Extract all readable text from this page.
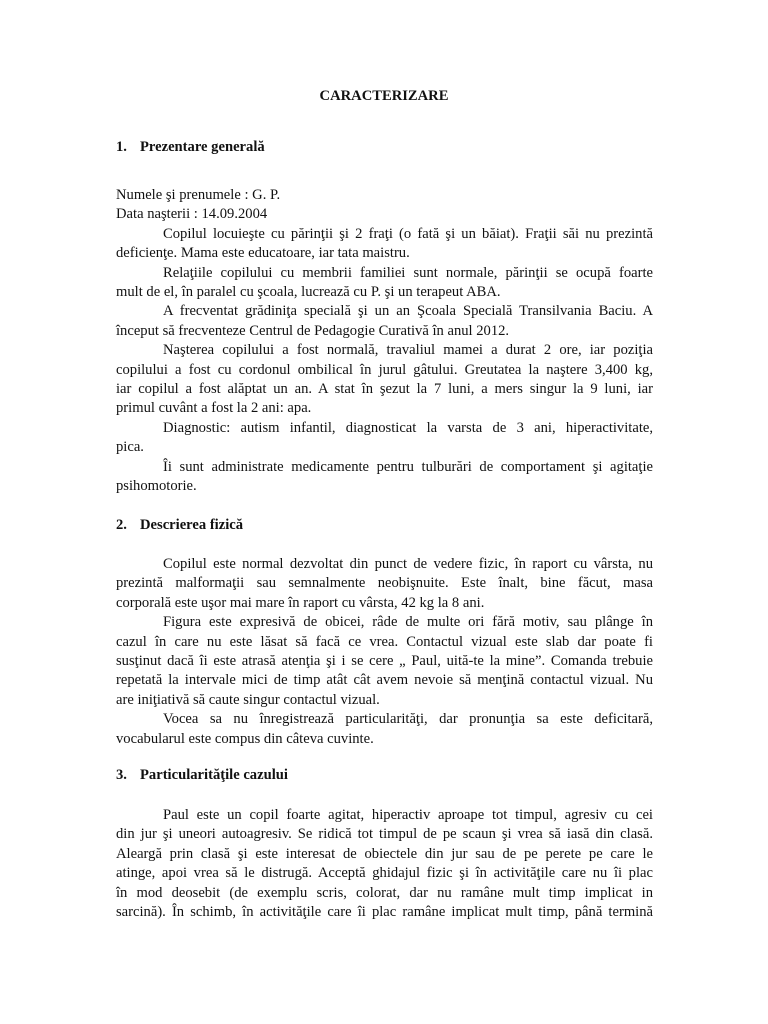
CARACTERIZARE
1. Prezentare generală
Numele şi prenumele : G. P.
Data naşterii : 14.09.2004
Copilul locuieşte cu părinţii şi 2 fraţi (o fată şi un băiat). Fraţii săi nu prezintă
deficienţe. Mama este educatoare, iar tata maistru.
Relaţiile copilului cu membrii familiei sunt normale, părinţii se ocupă foarte
mult de el, în paralel cu şcoala, lucrează cu P. şi un terapeut ABA.
A frecventat grădiniţa specială şi un an Şcoala Specială Transilvania Baciu. A
început să frecventeze Centrul de Pedagogie Curativă în anul 2012.
Naşterea copilului a fost normală, travaliul mamei a durat 2 ore, iar poziţia
copilului a fost cu cordonul ombilical în jurul gâtului. Greutatea la naştere 3,400 kg,
iar copilul a fost alăptat un an. A stat în şezut la 7 luni, a mers singur la 9 luni, iar
primul cuvânt a fost la 2 ani: apa.
Diagnostic: autism infantil, diagnosticat la varsta de 3 ani, hiperactivitate,
pica.
Îi sunt administrate medicamente pentru tulburări de comportament şi agitaţie
psihomotorie.
2. Descrierea fizică
Copilul este normal dezvoltat din punct de vedere fizic, în raport cu vârsta, nu
prezintă malformaţii sau semnalmente neobişnuite. Este înalt, bine făcut, masa
corporală este uşor mai mare în raport cu vârsta, 42 kg la 8 ani.
Figura este expresivă de obicei, râde de multe ori fără motiv, sau plânge în
cazul în care nu este lăsat să facă ce vrea. Contactul vizual este slab dar poate fi
susţinut dacă îi este atrasă atenţia şi i se cere „ Paul, uită-te la mine”. Comanda trebuie
repetată la intervale mici de timp atât cât avem nevoie să menţină contactul vizual. Nu
are iniţiativă să caute singur contactul vizual.
Vocea sa nu înregistrează particularităţi, dar pronunţia sa este deficitară,
vocabularul este compus din câteva cuvinte.
3. Particularităţile cazului
Paul este un copil foarte agitat, hiperactiv aproape tot timpul, agresiv cu cei
din jur şi uneori autoagresiv. Se ridică tot timpul de pe scaun şi vrea să iasă din clasă.
Aleargă prin clasă şi este interesat de obiectele din jur sau de pe perete pe care le
atinge, apoi vrea să le distrugă. Acceptă ghidajul fizic şi în activităţile care nu îi plac
în mod deosebit (de exemplu scris, colorat, dar nu ramâne mult timp implicat in
sarcină). În schimb, în activităţile care îi plac ramâne implicat mult timp, până termină
